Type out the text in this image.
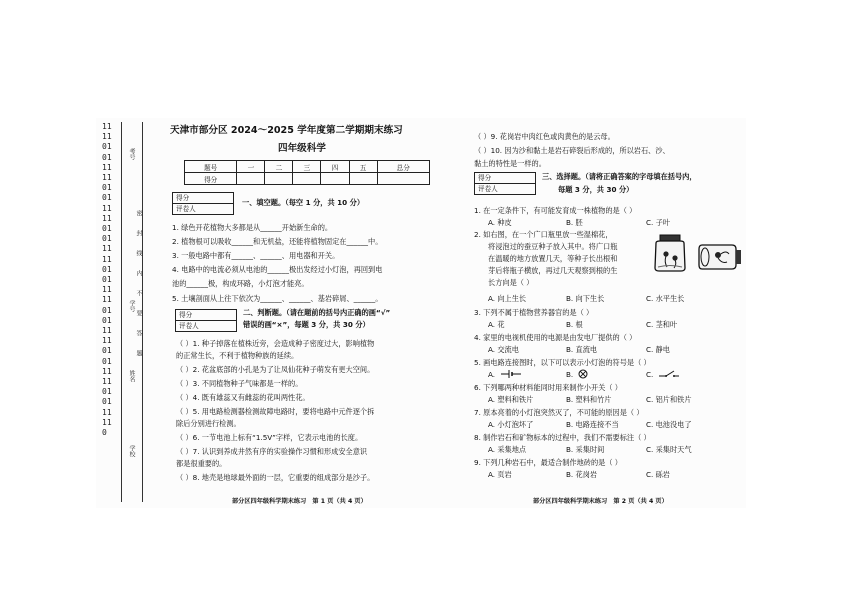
1111010111110101111101011111010111110101111101011111010111110
考号
学号
姓名
学校
密封线内不要答题
天津市部分区 2024～2025 学年度第二学期期末练习
四年级科学
题号	一	二	三	四	五	总分
得分						
得分
评卷人
一、填空题。（每空 1 分，共 10 分）
1. 绿色开花植物大多都是从______开始新生命的。
2. 植物根可以吸收______和无机盐，还能将植物固定在______中。
3. 一般电路中都有______、______、用电器和开关。
4. 电路中的电流必须从电池的______极出发经过小灯泡，再回到电
池的______极，构成环路，小灯泡才能亮。
5. 土壤剖面从上往下依次为______、______、基岩碎屑、______。
得分
评卷人
二、判断题。（请在题前的括号内正确的画“√”
错误的画“×”，每题 3 分，共 30 分）
（ ）1. 种子掉落在植株近旁，会造成种子密度过大，影响植物
的正常生长，不利于植物种族的延续。
（ ）2. 花盆底部的小孔是为了让凤仙花种子萌发有更大空间。
（ ）3. 不同植物种子气味都是一样的。
（ ）4. 既有雄蕊又有雌蕊的花叫两性花。
（ ）5. 用电路检测器检测故障电路时，要将电路中元件逐个拆
除后分别进行检测。
（ ）6. 一节电池上标有“1.5V”字样，它表示电池的长度。
（ ）7. 认识到养成井然有序的实验操作习惯和形成安全意识
都是很重要的。
（ ）8. 地壳是地球最外面的一层，它重要的组成部分是沙子。
部分区四年级科学期末练习　第 1 页（共 4 页）
（ ）9. 花岗岩中肉红色或肉黄色的是云母。
（ ）10. 因为沙和黏土是岩石碎裂后形成的，所以岩石、沙、
黏土的特性是一样的。
得分
评卷人
三、选择题。（请将正确答案的字母填在括号内，
每题 3 分，共 30 分）
1. 在一定条件下，有可能发育成一株植物的是（ ）
A. 种皮	B. 胚	C. 子叶
2. 如右图，在一个广口瓶里放一些湿棉花，
将浸泡过的蚕豆种子放入其中。将广口瓶
在温暖的地方放置几天，等种子长出根和
芽后将瓶子横放，再过几天观察到根的生
长方向是（ ）
A. 向上生长	B. 向下生长	C. 水平生长
3. 下列不属于植物营养器官的是（ ）
A. 花	B. 根	C. 茎和叶
4. 家里的电视机使用的电源是由发电厂提供的（ ）
A. 交流电	B. 直流电	C. 静电
5. 画电路连接图时，以下可以表示小灯泡的符号是（ ）
A.	B.	C.
6. 下列哪两种材料能同时用来制作小开关（ ）
A. 塑料和铁片	B. 塑料和竹片	C. 铝片和铁片
7. 原本亮着的小灯泡突然灭了，不可能的原因是（ ）
A. 小灯泡坏了	B. 电路连接不当	C. 电池没电了
8. 制作岩石和矿物标本的过程中，我们不需要标注（ ）
A. 采集地点	B. 采集时间	C. 采集时天气
9. 下列几种岩石中，最适合制作地砖的是（ ）
A. 页岩	B. 花岗岩	C. 砾岩
部分区四年级科学期末练习　第 2 页（共 4 页）
